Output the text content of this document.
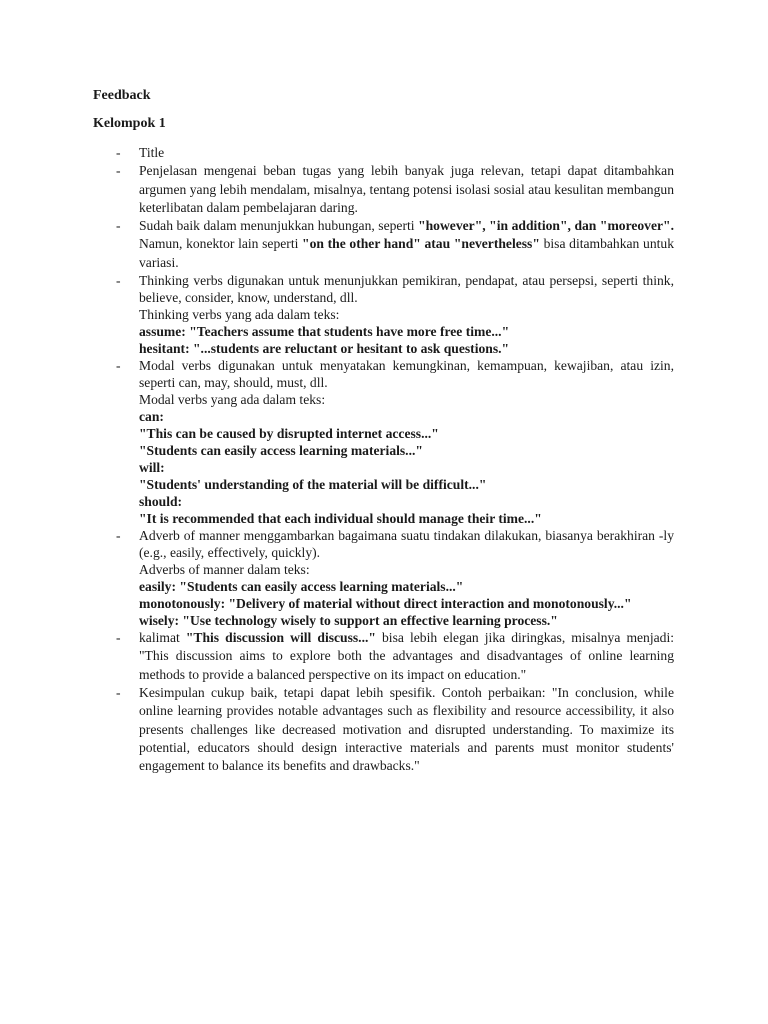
Feedback

Kelompok 1

- Title
- Penjelasan mengenai beban tugas yang lebih banyak juga relevan, tetapi dapat ditambahkan argumen yang lebih mendalam, misalnya, tentang potensi isolasi sosial atau kesulitan membangun keterlibatan dalam pembelajaran daring.
- Sudah baik dalam menunjukkan hubungan, seperti "however", "in addition", dan "moreover". Namun, konektor lain seperti "on the other hand" atau "nevertheless" bisa ditambahkan untuk variasi.

- Thinking verbs digunakan untuk menunjukkan pemikiran, pendapat, atau persepsi, seperti think, believe, consider, know, understand, dll.

Thinking verbs yang ada dalam teks:

assume: "Teachers assume that students have more free time..."

hesitant: "...students are reluctant or hesitant to ask questions."

- Modal verbs digunakan untuk menyatakan kemungkinan, kemampuan, kewajiban, atau izin, seperti can, may, should, must, dll.

Modal verbs yang ada dalam teks:

can:

"This can be caused by disrupted internet access..."

"Students can easily access learning materials..."

will:

"Students' understanding of the material will be difficult..."

should:

"It is recommended that each individual should manage their time..."

- Adverb of manner menggambarkan bagaimana suatu tindakan dilakukan, biasanya berakhiran -ly (e.g., easily, effectively, quickly).

Adverbs of manner dalam teks:

easily: "Students can easily access learning materials..."

monotonously: "Delivery of material without direct interaction and monotonously..."

wisely: "Use technology wisely to support an effective learning process."

- kalimat "This discussion will discuss..." bisa lebih elegan jika diringkas, misalnya menjadi: "This discussion aims to explore both the advantages and disadvantages of online learning methods to provide a balanced perspective on its impact on education."
- Kesimpulan cukup baik, tetapi dapat lebih spesifik. Contoh perbaikan: "In conclusion, while online learning provides notable advantages such as flexibility and resource accessibility, it also presents challenges like decreased motivation and disrupted understanding. To maximize its potential, educators should design interactive materials and parents must monitor students' engagement to balance its benefits and drawbacks."
